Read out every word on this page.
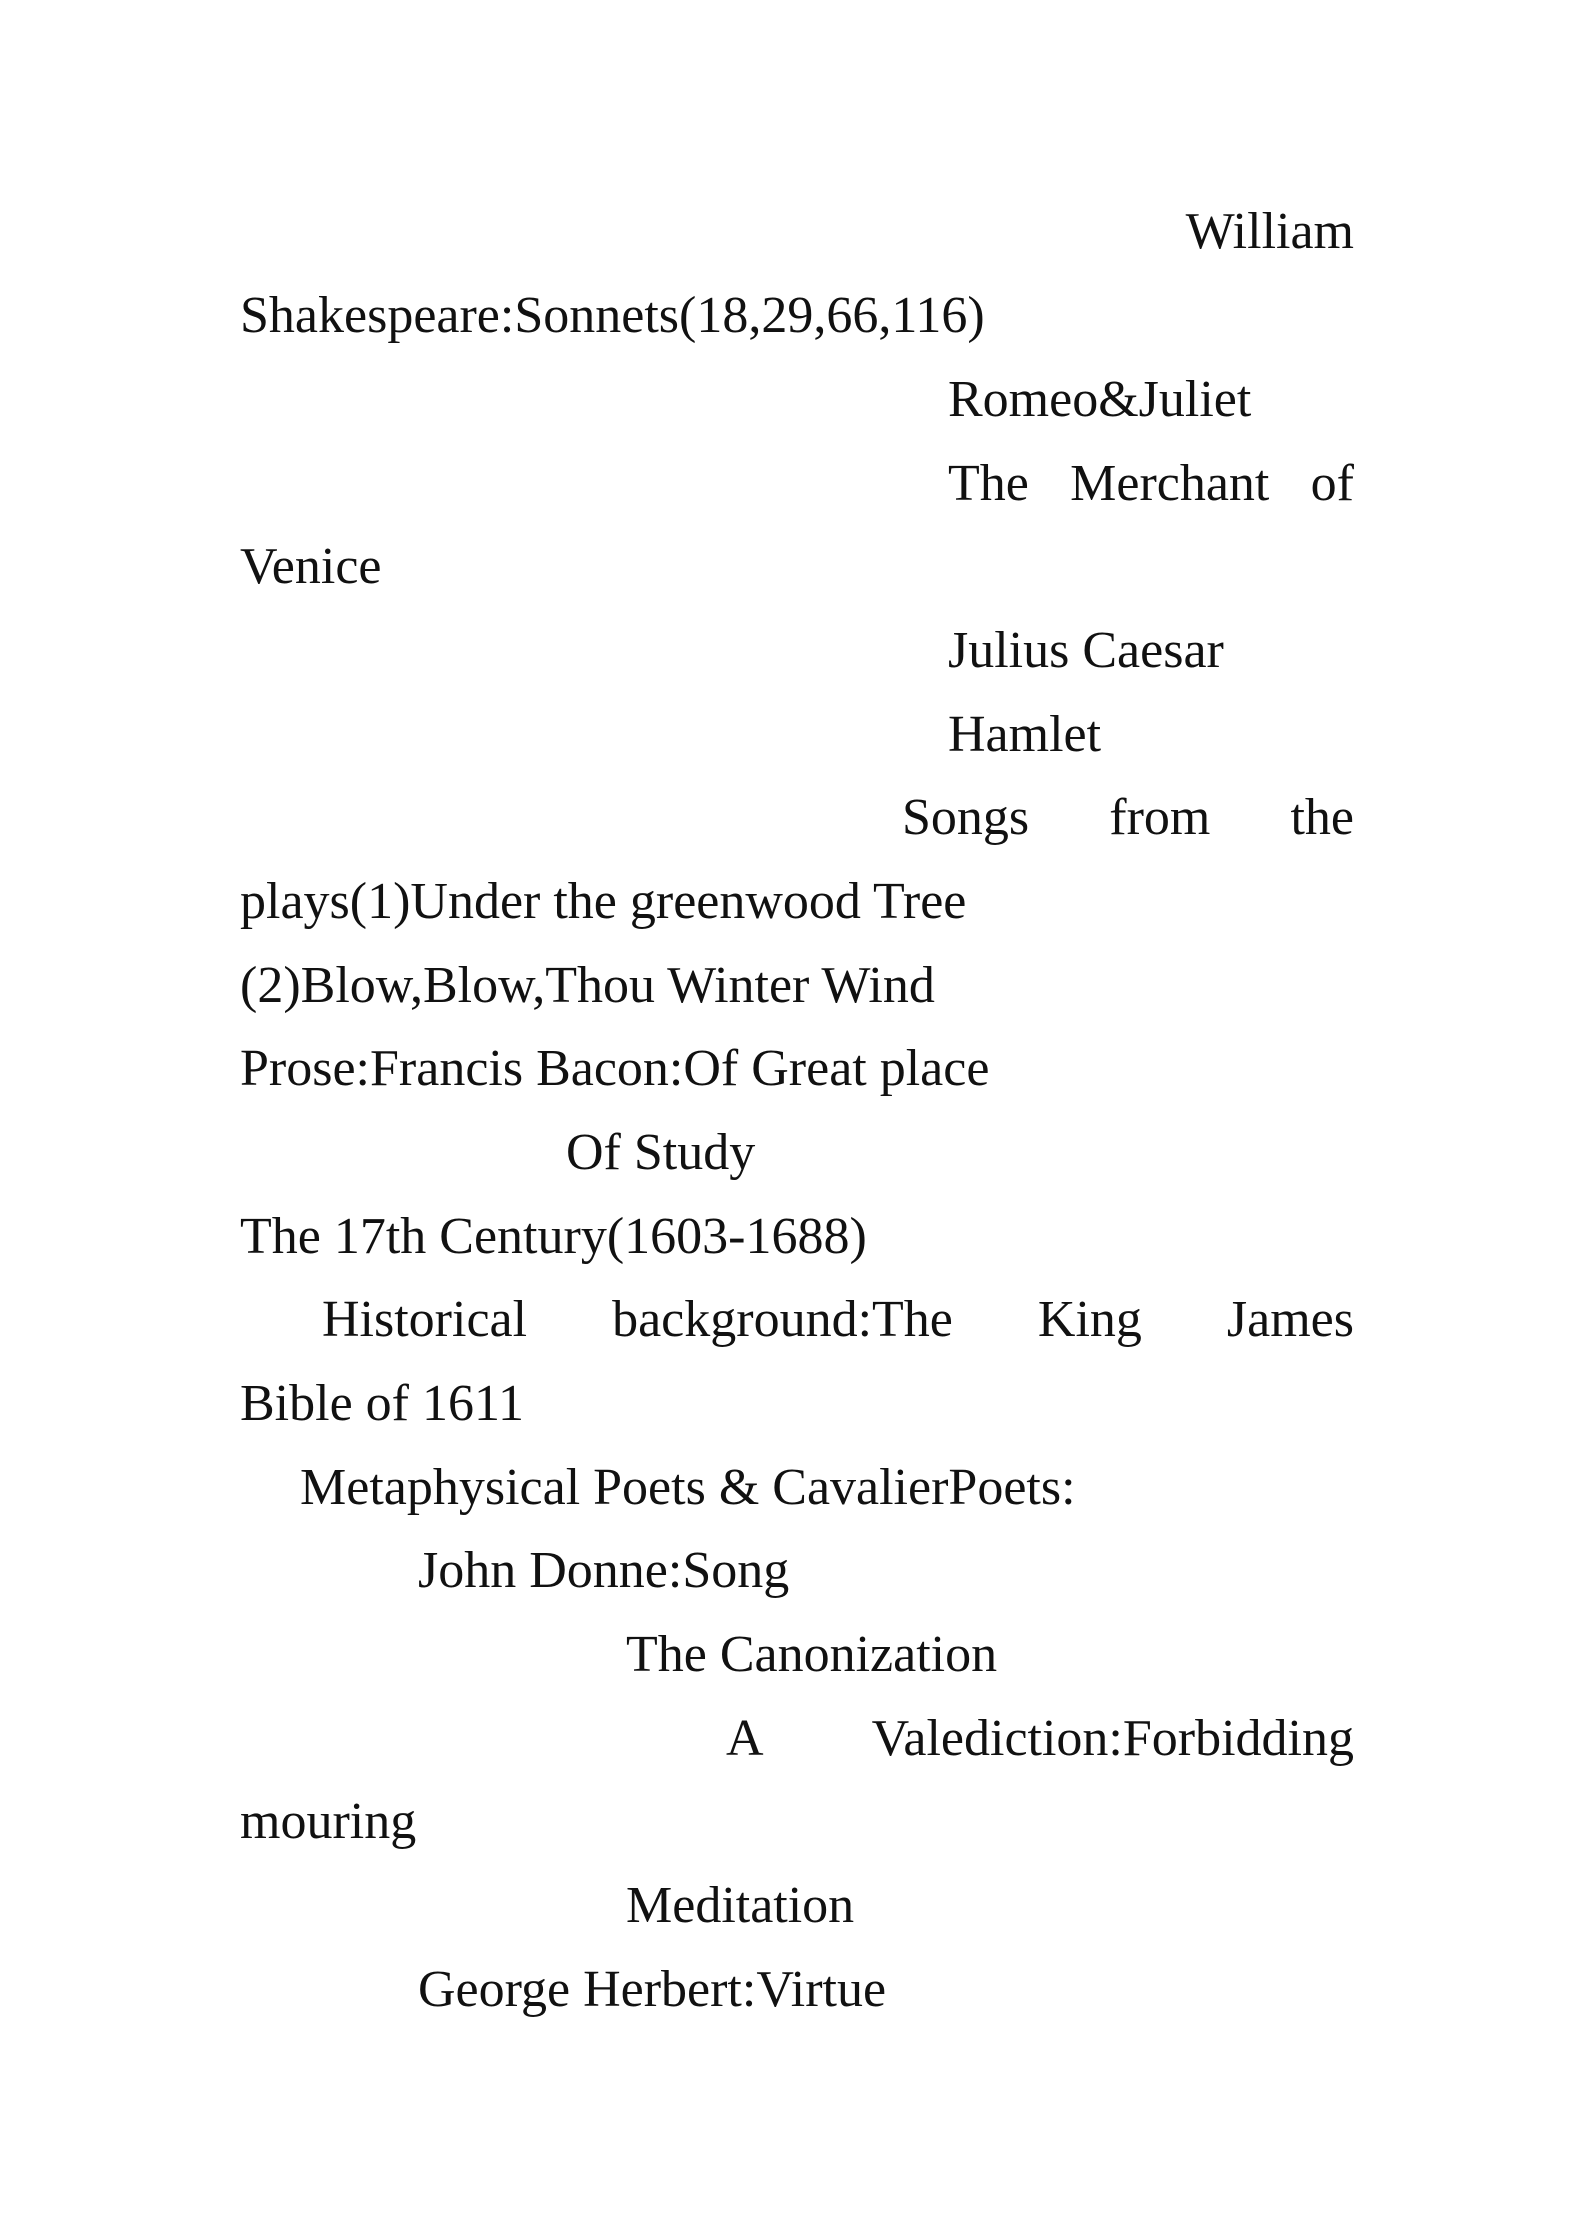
William
Shakespeare:Sonnets(18,29,66,116)
Romeo&Juliet
The Merchant of
Venice
Julius Caesar
Hamlet
Songs from the
plays(1)Under the greenwood Tree
(2)Blow,Blow,Thou Winter Wind
Prose:Francis Bacon:Of Great place
Of Study
The 17th Century(1603-1688)
Historical background:The King James
Bible of 1611
Metaphysical Poets & CavalierPoets:
John Donne:Song
The Canonization
A Valediction:Forbidding
mouring
Meditation
George Herbert:Virtue
